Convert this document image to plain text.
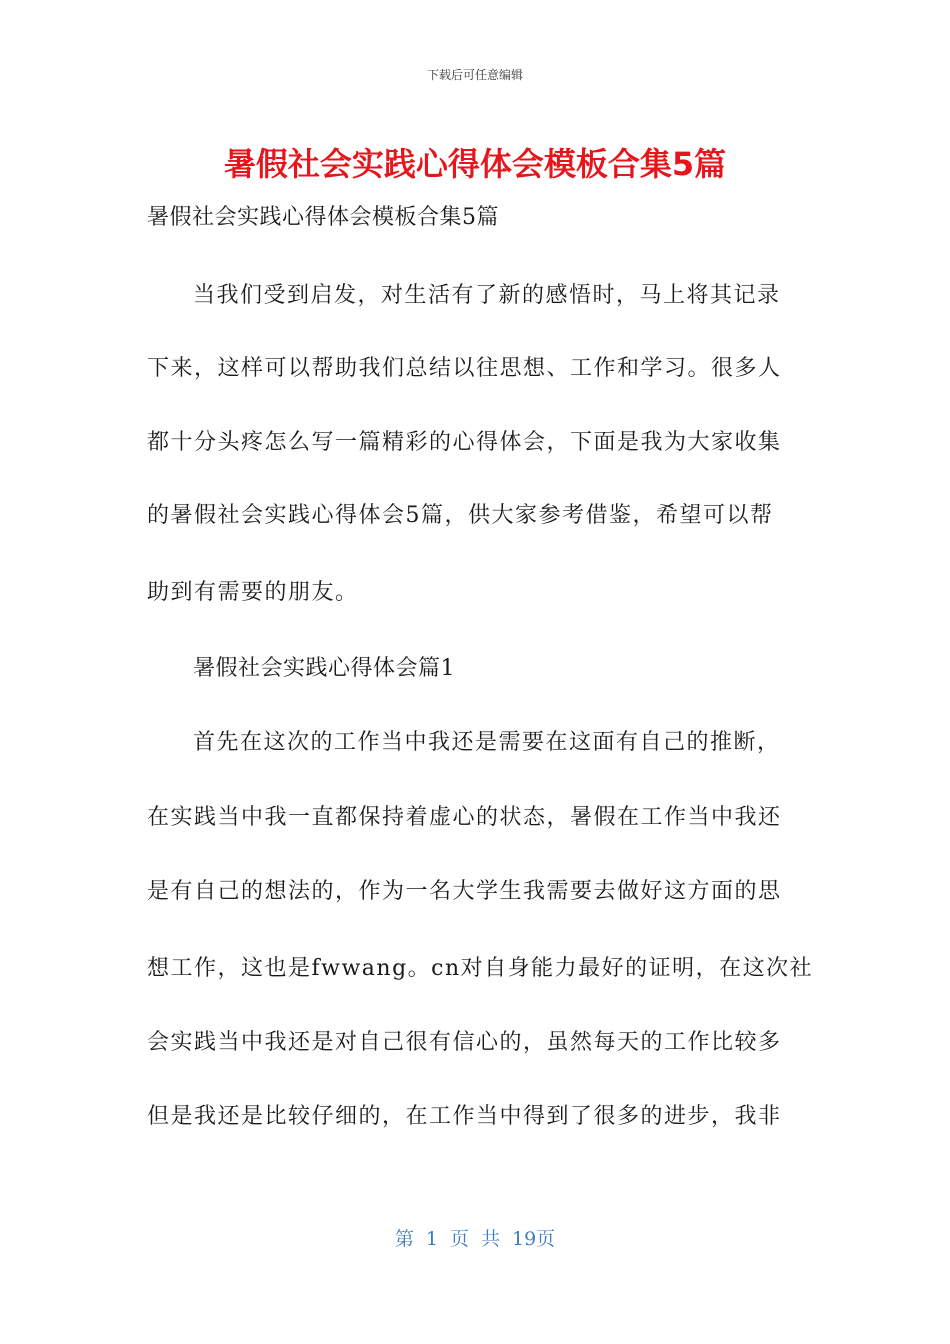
下载后可任意编辑
暑假社会实践心得体会模板合集5篇

暑假社会实践心得体会模板合集5篇

当我们受到启发，对生活有了新的感悟时，马上将其记录

下来，这样可以帮助我们总结以往思想、工作和学习。很多人

都十分头疼怎么写一篇精彩的心得体会，下面是我为大家收集

的暑假社会实践心得体会5篇，供大家参考借鉴，希望可以帮

助到有需要的朋友。

暑假社会实践心得体会篇1

首先在这次的工作当中我还是需要在这面有自己的推断，

在实践当中我一直都保持着虚心的状态，暑假在工作当中我还

是有自己的想法的，作为一名大学生我需要去做好这方面的思

想工作，这也是fwwang。cn对自身能力最好的证明，在这次社

会实践当中我还是对自己很有信心的，虽然每天的工作比较多

但是我还是比较仔细的，在工作当中得到了很多的进步，我非

第 1 页 共 19页
